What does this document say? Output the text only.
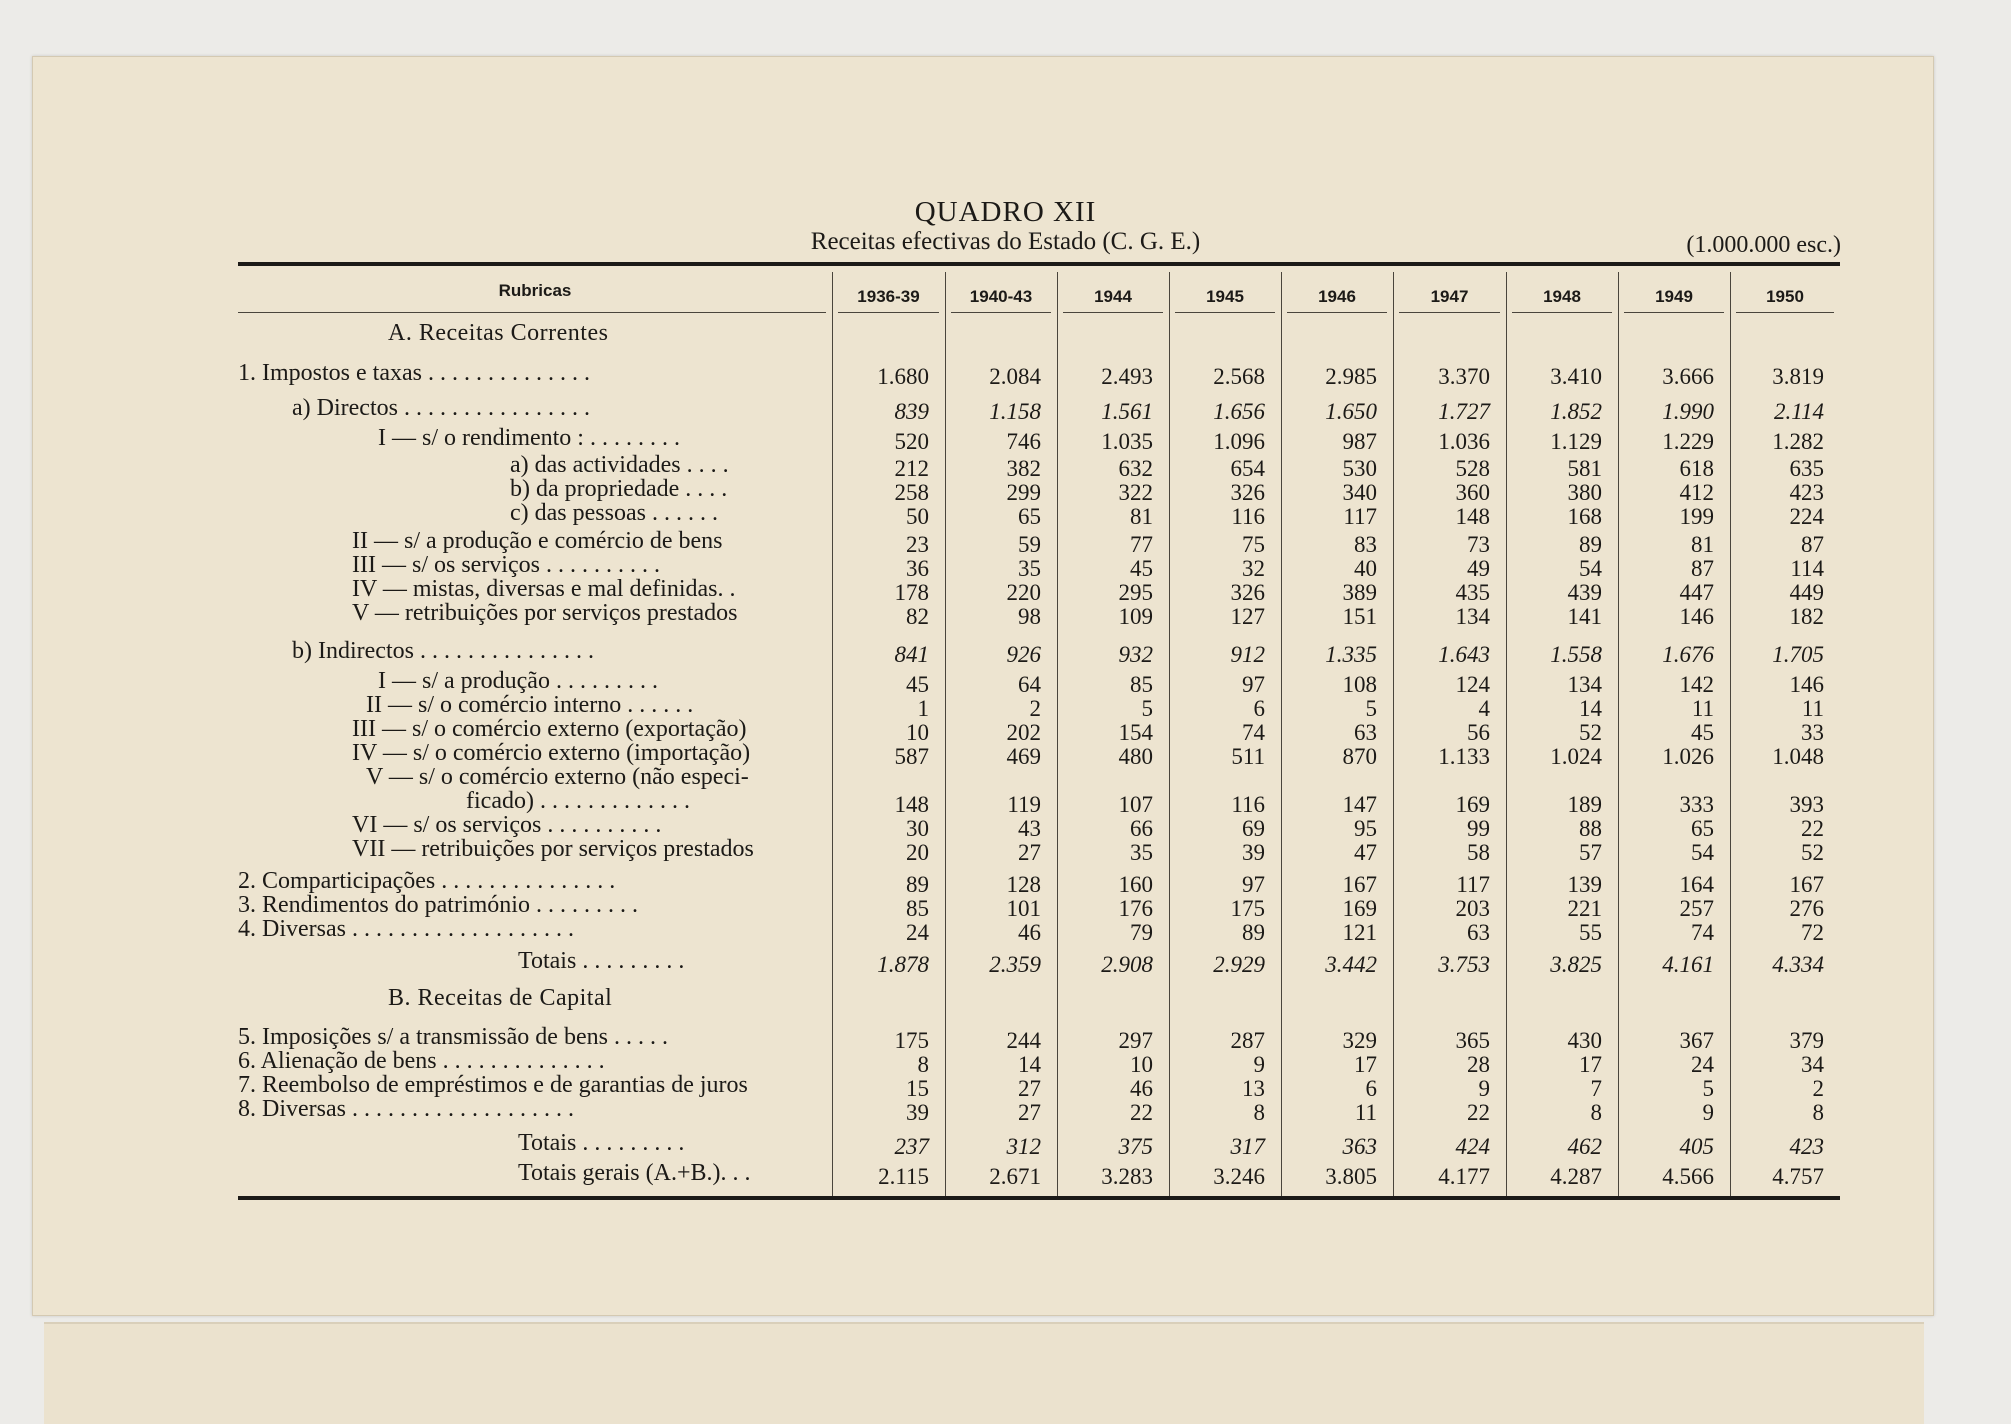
QUADRO XII
Receitas efectivas do Estado (C. G. E.)	(1.000.000 esc.)
Rubricas	1936-39	1940-43	1944	1945	1946	1947	1948	1949	1950
1. Impostos e taxas . . . . . . . . . . . . . .	1.680	2.084	2.493	2.568	2.985	3.370	3.410	3.666	3.819
a) Directos . . . . . . . . . . . . . . . .	839	1.158	1.561	1.656	1.650	1.727	1.852	1.990	2.114
I — s/ o rendimento : . . . . . . . .	520	746	1.035	1.096	987	1.036	1.129	1.229	1.282
a) das actividades . . . .	212	382	632	654	530	528	581	618	635
b) da propriedade . . . .	258	299	322	326	340	360	380	412	423
c) das pessoas . . . . . .	50	65	81	116	117	148	168	199	224
II — s/ a produção e comércio de bens	23	59	77	75	83	73	89	81	87
III — s/ os serviços . . . . . . . . . .	36	35	45	32	40	49	54	87	114
IV — mistas, diversas e mal definidas. .	178	220	295	326	389	435	439	447	449
V — retribuições por serviços prestados	82	98	109	127	151	134	141	146	182
b) Indirectos . . . . . . . . . . . . . . .	841	926	932	912	1.335	1.643	1.558	1.676	1.705
I — s/ a produção . . . . . . . . .	45	64	85	97	108	124	134	142	146
II — s/ o comércio interno . . . . . .	1	2	5	6	5	4	14	11	11
III — s/ o comércio externo (exportação)	10	202	154	74	63	56	52	45	33
IV — s/ o comércio externo (importação)	587	469	480	511	870	1.133	1.024	1.026	1.048
V — s/ o comércio externo (não especi-
ficado) . . . . . . . . . . . . .	148	119	107	116	147	169	189	333	393
VI — s/ os serviços . . . . . . . . . .	30	43	66	69	95	99	88	65	22
VII — retribuições por serviços prestados	20	27	35	39	47	58	57	54	52
2. Comparticipações . . . . . . . . . . . . . . .	89	128	160	97	167	117	139	164	167
3. Rendimentos do património . . . . . . . . .	85	101	176	175	169	203	221	257	276
4. Diversas . . . . . . . . . . . . . . . . . . .	24	46	79	89	121	63	55	74	72
Totais . . . . . . . . .	1.878	2.359	2.908	2.929	3.442	3.753	3.825	4.161	4.334
5. Imposições s/ a transmissão de bens . . . . .	175	244	297	287	329	365	430	367	379
6. Alienação de bens . . . . . . . . . . . . . .	8	14	10	9	17	28	17	24	34
7. Reembolso de empréstimos e de garantias de juros	15	27	46	13	6	9	7	5	2
8. Diversas . . . . . . . . . . . . . . . . . . .	39	27	22	8	11	22	8	9	8
Totais . . . . . . . . .	237	312	375	317	363	424	462	405	423
Totais gerais (A.+B.). . .	2.115	2.671	3.283	3.246	3.805	4.177	4.287	4.566	4.757
A. Receitas Correntes
B. Receitas de Capital
